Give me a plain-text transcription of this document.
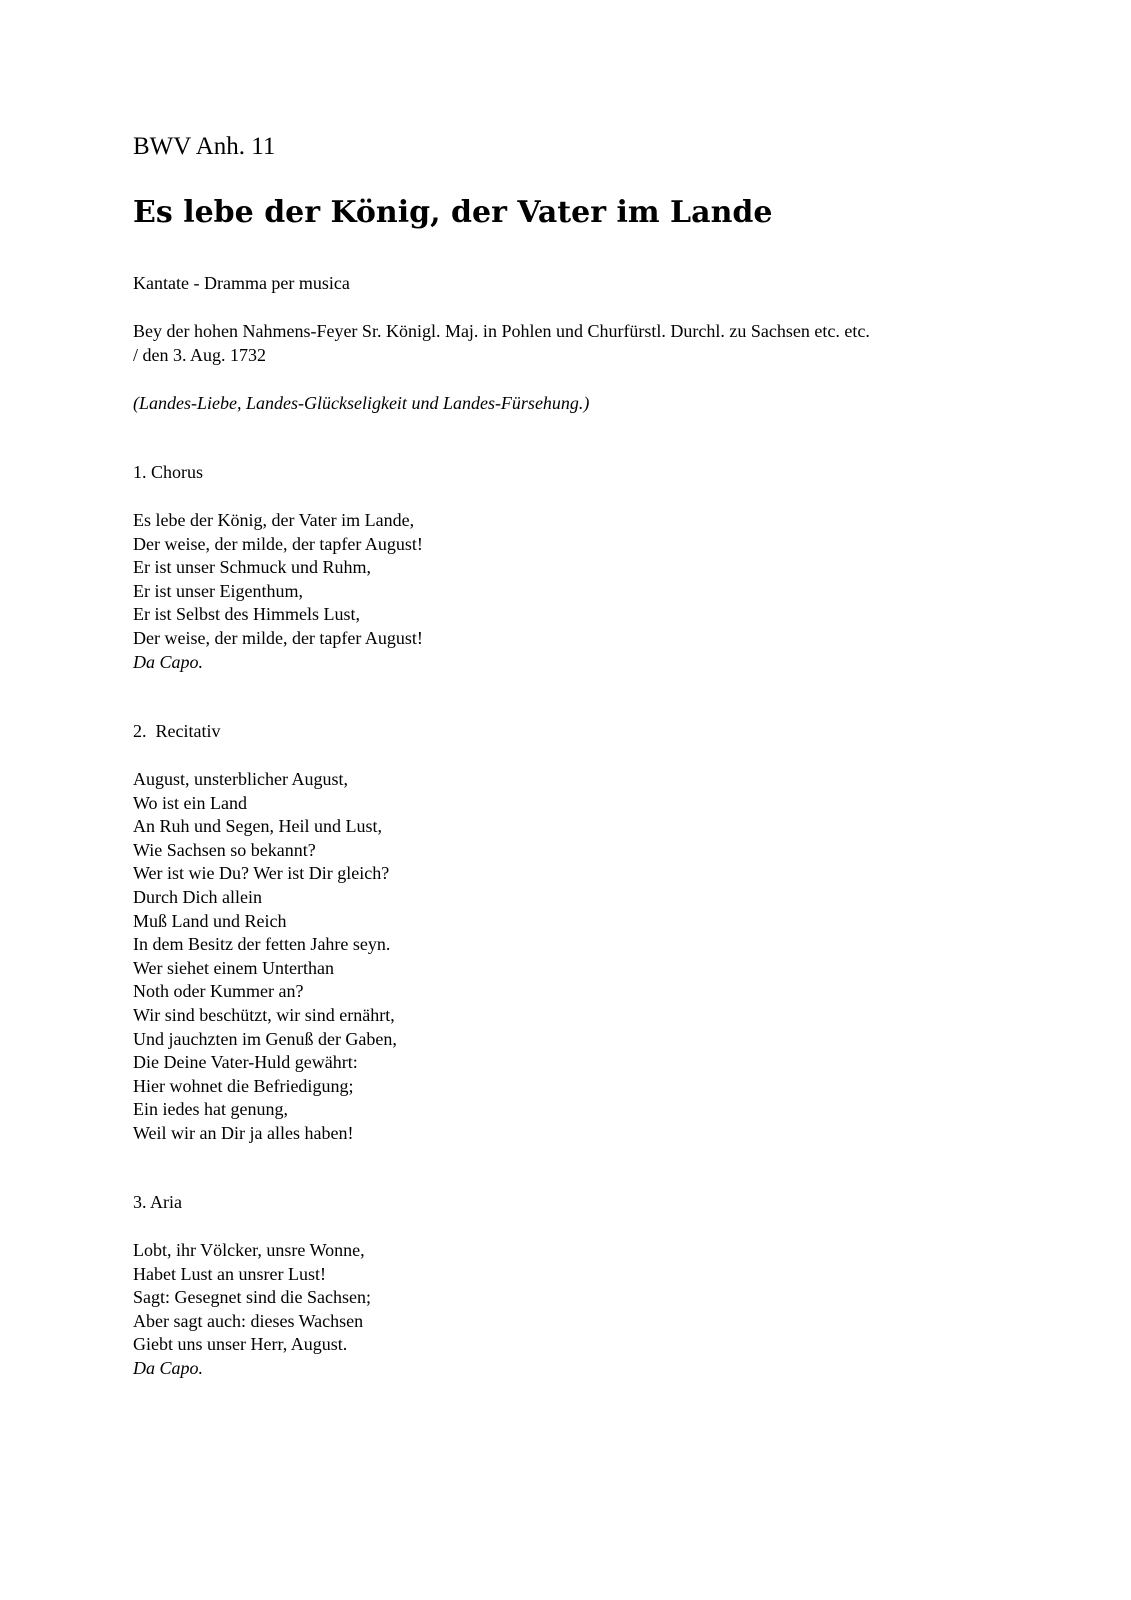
BWV Anh. 11
Es lebe der König, der Vater im Lande
Kantate - Dramma per musica
Bey der hohen Nahmens-Feyer Sr. Königl. Maj. in Pohlen und Churfürstl. Durchl. zu Sachsen etc. etc.
/ den 3. Aug. 1732
(Landes-Liebe, Landes-Glückseligkeit und Landes-Fürsehung.)
1. Chorus
Es lebe der König, der Vater im Lande,
Der weise, der milde, der tapfer August!
Er ist unser Schmuck und Ruhm,
Er ist unser Eigenthum,
Er ist Selbst des Himmels Lust,
Der weise, der milde, der tapfer August!
Da Capo.
2.  Recitativ
August, unsterblicher August,
Wo ist ein Land
An Ruh und Segen, Heil und Lust,
Wie Sachsen so bekannt?
Wer ist wie Du? Wer ist Dir gleich?
Durch Dich allein
Muß Land und Reich
In dem Besitz der fetten Jahre seyn.
Wer siehet einem Unterthan
Noth oder Kummer an?
Wir sind beschützt, wir sind ernährt,
Und jauchzten im Genuß der Gaben,
Die Deine Vater-Huld gewährt:
Hier wohnet die Befriedigung;
Ein iedes hat genung,
Weil wir an Dir ja alles haben!
3. Aria
Lobt, ihr Völcker, unsre Wonne,
Habet Lust an unsrer Lust!
Sagt: Gesegnet sind die Sachsen;
Aber sagt auch: dieses Wachsen
Giebt uns unser Herr, August.
Da Capo.
